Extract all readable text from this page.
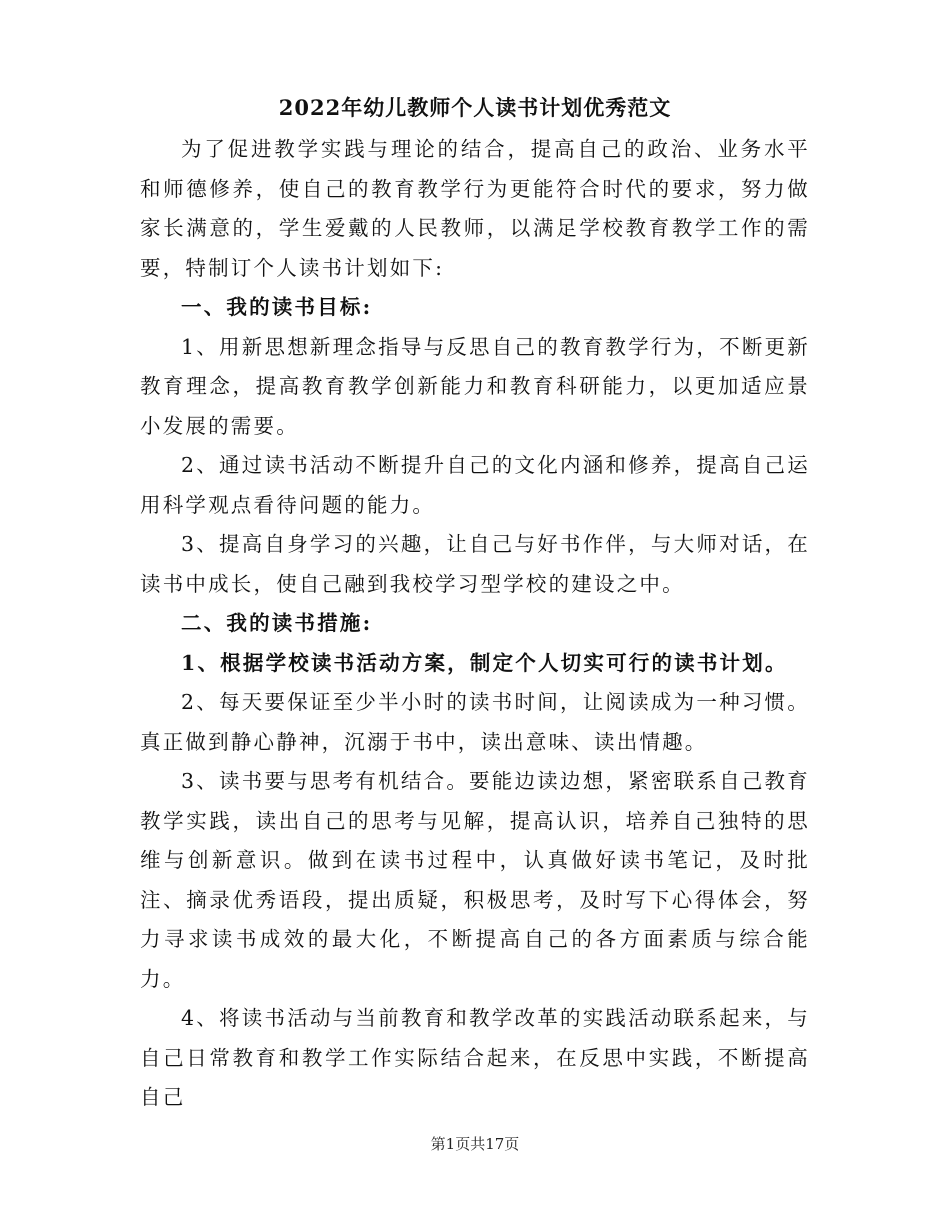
2022年幼儿教师个人读书计划优秀范文

为了促进教学实践与理论的结合，提高自己的政治、业务水平和师德修养，使自己的教育教学行为更能符合时代的要求，努力做家长满意的，学生爱戴的人民教师，以满足学校教育教学工作的需要，特制订个人读书计划如下:

一、我的读书目标:

1、用新思想新理念指导与反思自己的教育教学行为，不断更新教育理念，提高教育教学创新能力和教育科研能力，以更加适应景小发展的需要。

2、通过读书活动不断提升自己的文化内涵和修养，提高自己运用科学观点看待问题的能力。

3、提高自身学习的兴趣，让自己与好书作伴，与大师对话，在读书中成长，使自己融到我校学习型学校的建设之中。

二、我的读书措施:

1、根据学校读书活动方案，制定个人切实可行的读书计划。

2、每天要保证至少半小时的读书时间，让阅读成为一种习惯。真正做到静心静神，沉溺于书中，读出意味、读出情趣。

3、读书要与思考有机结合。要能边读边想，紧密联系自己教育教学实践，读出自己的思考与见解，提高认识，培养自己独特的思维与创新意识。做到在读书过程中，认真做好读书笔记，及时批注、摘录优秀语段，提出质疑，积极思考，及时写下心得体会，努力寻求读书成效的最大化，不断提高自己的各方面素质与综合能力。

4、将读书活动与当前教育和教学改革的实践活动联系起来，与自己日常教育和教学工作实际结合起来，在反思中实践，不断提高自己

第1页共17页
